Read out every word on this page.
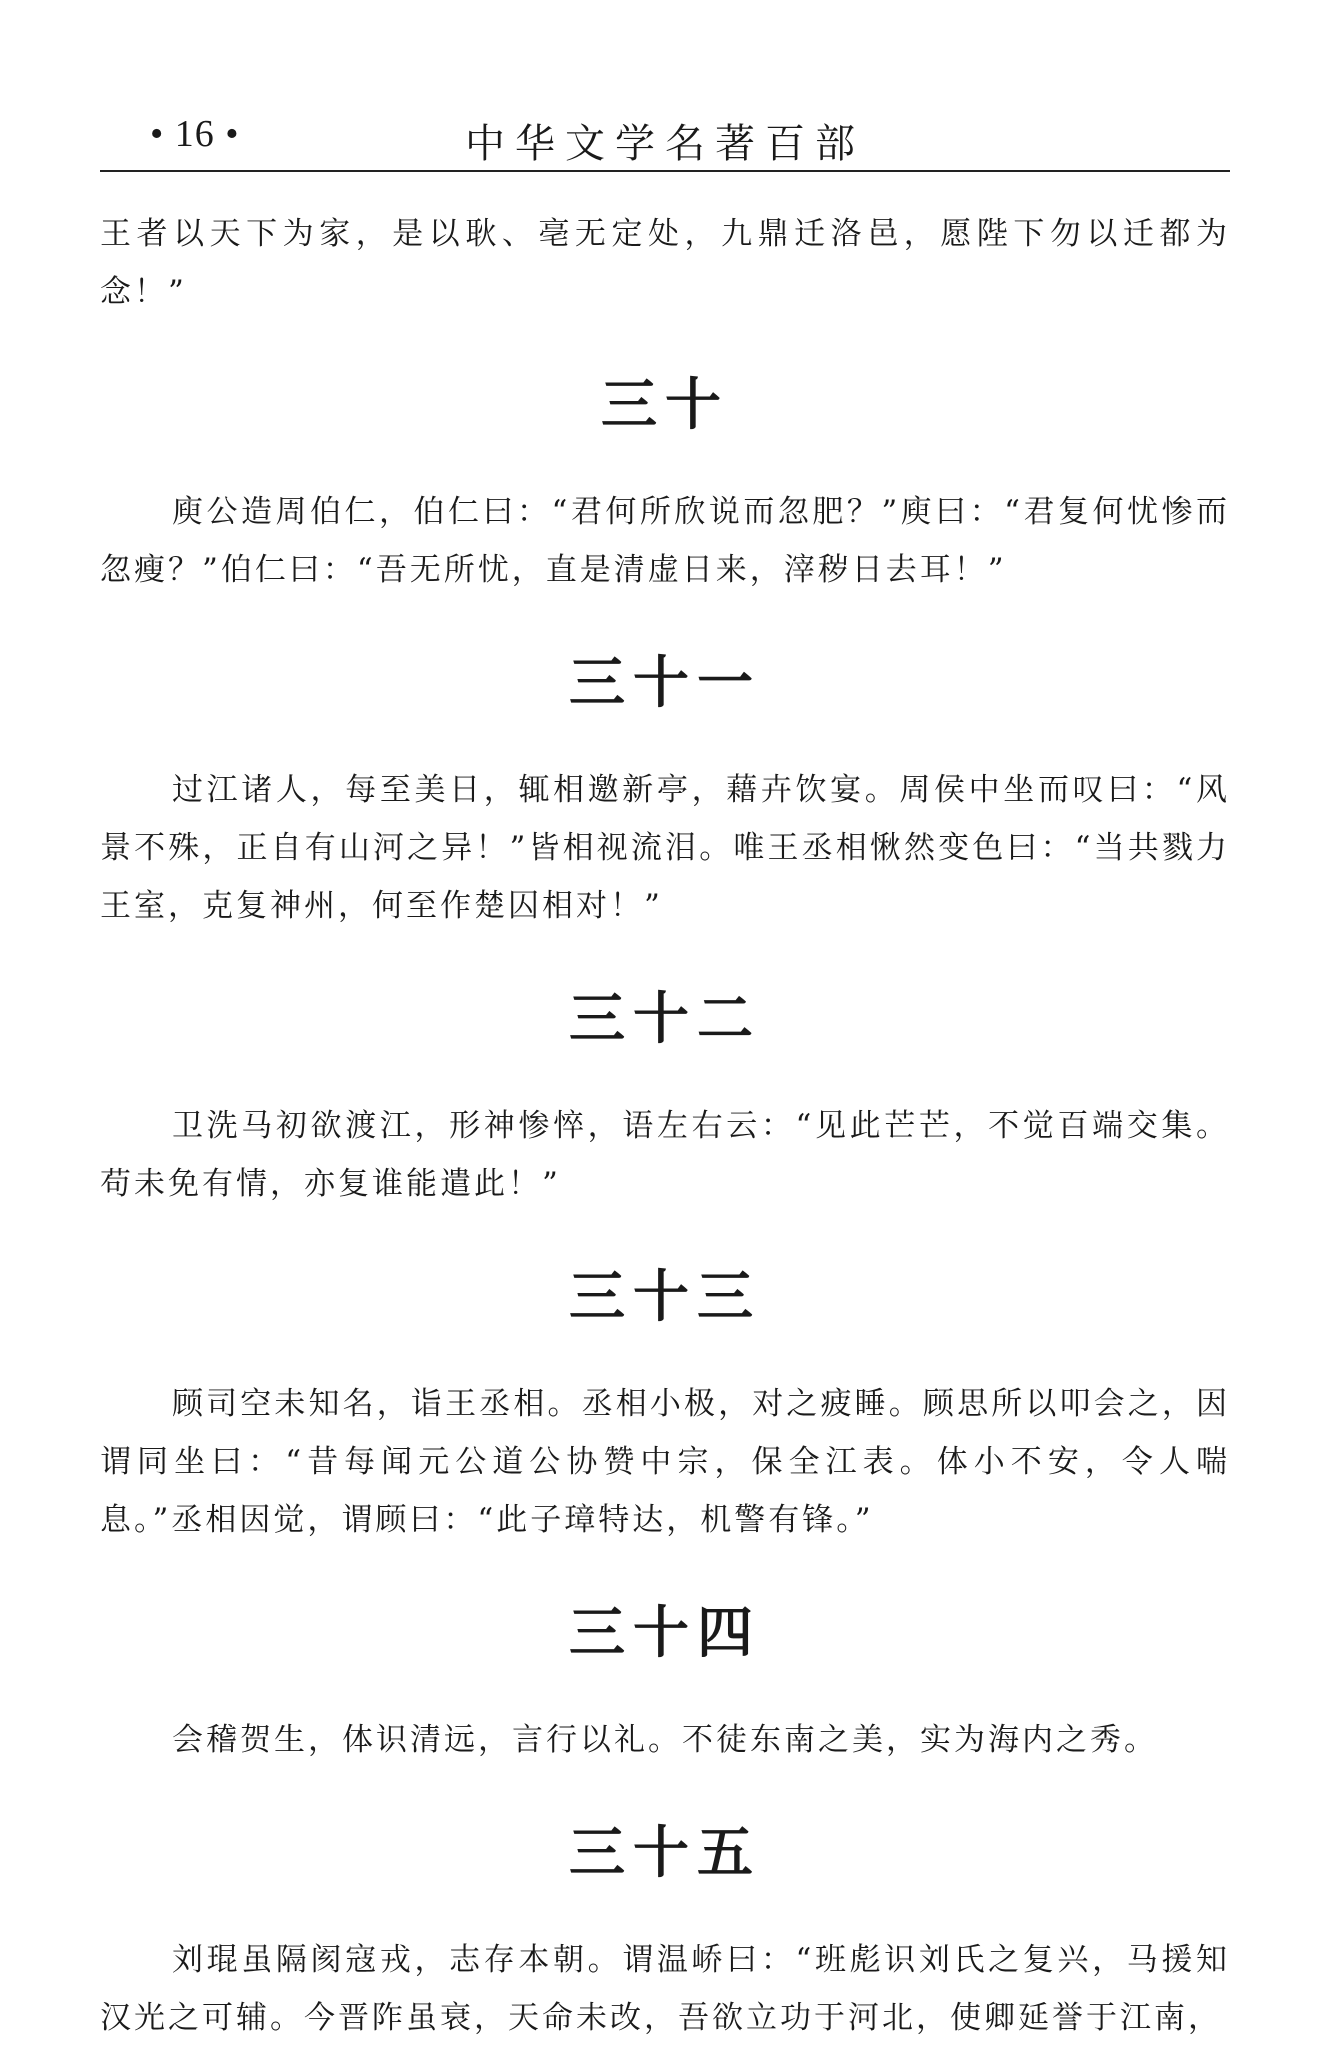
• 16 •	中华文学名著百部

王者以天下为家，是以耿、亳无定处，九鼎迁洛邑，愿陛下勿以迁都为念！”

三十

庾公造周伯仁，伯仁曰：“君何所欣说而忽肥？”庾曰：“君复何忧惨而忽瘦？”伯仁曰：“吾无所忧，直是清虚日来，滓秽日去耳！”

三十一

过江诸人，每至美日，辄相邀新亭，藉卉饮宴。周侯中坐而叹曰：“风景不殊，正自有山河之异！”皆相视流泪。唯王丞相愀然变色曰：“当共戮力王室，克复神州，何至作楚囚相对！”

三十二

卫洗马初欲渡江，形神惨悴，语左右云：“见此芒芒，不觉百端交集。苟未免有情，亦复谁能遣此！”

三十三

顾司空未知名，诣王丞相。丞相小极，对之疲睡。顾思所以叩会之，因谓同坐曰：“昔每闻元公道公协赞中宗，保全江表。体小不安，令人喘息。”丞相因觉，谓顾曰：“此子璋特达，机警有锋。”

三十四

会稽贺生，体识清远，言行以礼。不徒东南之美，实为海内之秀。

三十五

刘琨虽隔阂寇戎，志存本朝。谓温峤曰：“班彪识刘氏之复兴，马援知汉光之可辅。今晋阼虽衰，天命未改，吾欲立功于河北，使卿延誉于江南，
